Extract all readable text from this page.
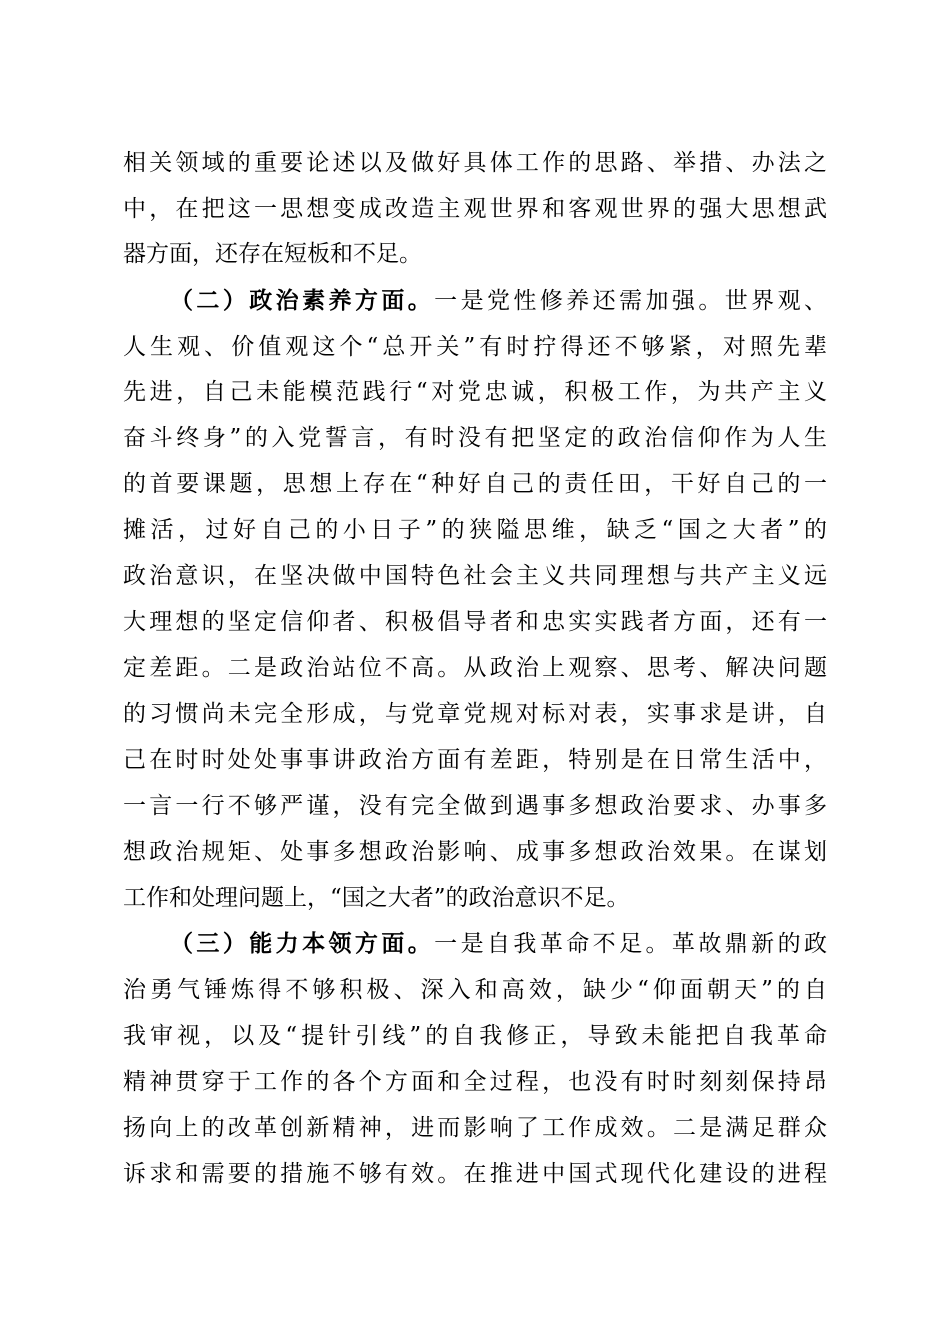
相关领域的重要论述以及做好具体工作的思路、举措、办法之
中，在把这一思想变成改造主观世界和客观世界的强大思想武
器方面，还存在短板和不足。
（二）政治素养方面。一是党性修养还需加强。世界观、
人生观、价值观这个“总开关”有时拧得还不够紧，对照先辈
先进，自己未能模范践行“对党忠诚，积极工作，为共产主义
奋斗终身”的入党誓言，有时没有把坚定的政治信仰作为人生
的首要课题，思想上存在“种好自己的责任田，干好自己的一
摊活，过好自己的小日子”的狭隘思维，缺乏“国之大者”的
政治意识，在坚决做中国特色社会主义共同理想与共产主义远
大理想的坚定信仰者、积极倡导者和忠实实践者方面，还有一
定差距。二是政治站位不高。从政治上观察、思考、解决问题
的习惯尚未完全形成，与党章党规对标对表，实事求是讲，自
己在时时处处事事讲政治方面有差距，特别是在日常生活中，
一言一行不够严谨，没有完全做到遇事多想政治要求、办事多
想政治规矩、处事多想政治影响、成事多想政治效果。在谋划
工作和处理问题上，“国之大者”的政治意识不足。
（三）能力本领方面。一是自我革命不足。革故鼎新的政
治勇气锤炼得不够积极、深入和高效，缺少“仰面朝天”的自
我审视，以及“提针引线”的自我修正，导致未能把自我革命
精神贯穿于工作的各个方面和全过程，也没有时时刻刻保持昂
扬向上的改革创新精神，进而影响了工作成效。二是满足群众
诉求和需要的措施不够有效。在推进中国式现代化建设的进程
